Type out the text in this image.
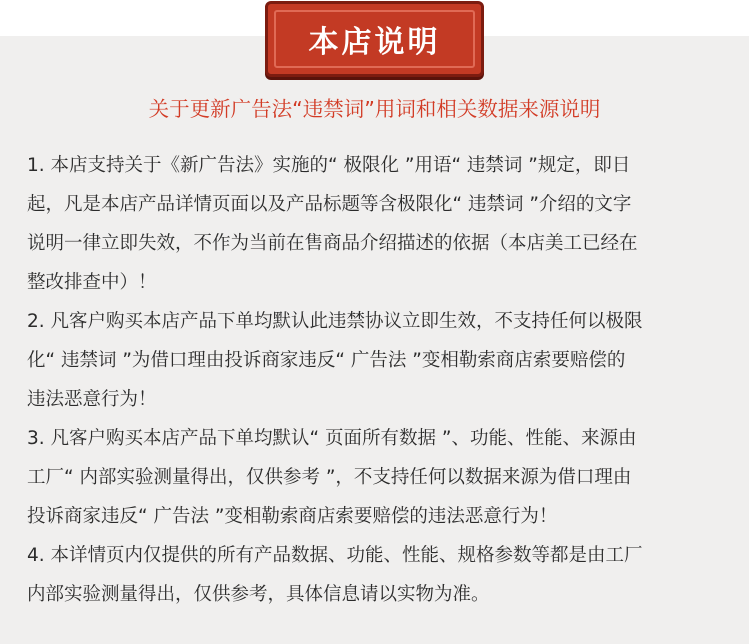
本店说明
关于更新广告法“违禁词”用词和相关数据来源说明
1. 本店支持关于《新广告法》实施的“ 极限化 ”用语“ 违禁词 ”规定，即日
起，凡是本店产品详情页面以及产品标题等含极限化“ 违禁词 ”介绍的文字
说明一律立即失效，不作为当前在售商品介绍描述的依据（本店美工已经在
整改排查中）！
2. 凡客户购买本店产品下单均默认此违禁协议立即生效，不支持任何以极限
化“ 违禁词 ”为借口理由投诉商家违反“ 广告法 ”变相勒索商店索要赔偿的
违法恶意行为！
3. 凡客户购买本店产品下单均默认“ 页面所有数据 ”、功能、性能、来源由
工厂“ 内部实验测量得出，仅供参考 ”，不支持任何以数据来源为借口理由
投诉商家违反“ 广告法 ”变相勒索商店索要赔偿的违法恶意行为！
4. 本详情页内仅提供的所有产品数据、功能、性能、规格参数等都是由工厂
内部实验测量得出，仅供参考，具体信息请以实物为准。
